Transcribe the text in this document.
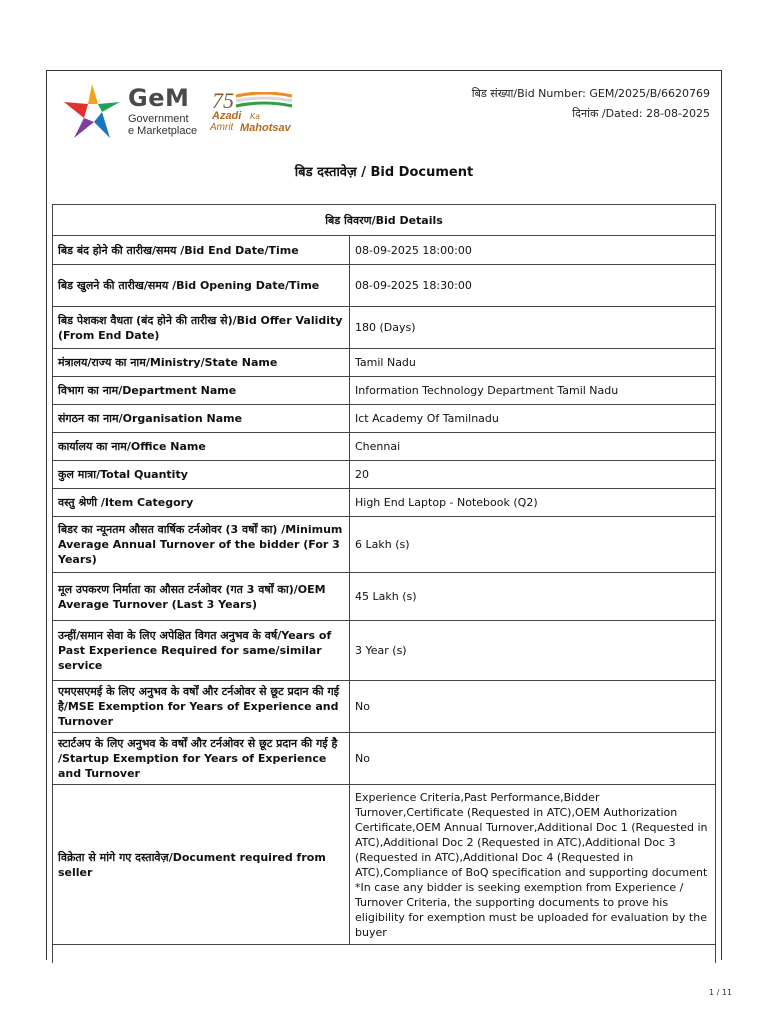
GeM
Government
e Marketplace
75
Azadi Ka
Amrit Mahotsav
बिड संख्या/Bid Number: GEM/2025/B/6620769
दिनांक /Dated: 28-08-2025
बिड दस्तावेज़ / Bid Document
बिड विवरण/Bid Details	
बिड बंद होने की तारीख/समय /Bid End Date/Time	08-09-2025 18:00:00
बिड खुलने की तारीख/समय /Bid Opening Date/Time	08-09-2025 18:30:00
बिड पेशकश वैधता (बंद होने की तारीख से)/Bid Offer Validity (From End Date)	180 (Days)
मंत्रालय/राज्य का नाम/Ministry/State Name	Tamil Nadu
विभाग का नाम/Department Name	Information Technology Department Tamil Nadu
संगठन का नाम/Organisation Name	Ict Academy Of Tamilnadu
कार्यालय का नाम/Office Name	Chennai
कुल मात्रा/Total Quantity	20
वस्तु श्रेणी /Item Category	High End Laptop - Notebook (Q2)
बिडर का न्यूनतम औसत वार्षिक टर्नओवर (3 वर्षों का) /Minimum Average Annual Turnover of the bidder (For 3 Years)	6 Lakh (s)
मूल उपकरण निर्माता का औसत टर्नओवर (गत 3 वर्षों का)/OEM Average Turnover (Last 3 Years)	45 Lakh (s)
उन्हीं/समान सेवा के लिए अपेक्षित विगत अनुभव के वर्ष/Years of Past Experience Required for same/similar service	3 Year (s)
एमएसएमई के लिए अनुभव के वर्षों और टर्नओवर से छूट प्रदान की गई है/MSE Exemption for Years of Experience and Turnover	No
स्टार्टअप के लिए अनुभव के वर्षों और टर्नओवर से छूट प्रदान की गई है /Startup Exemption for Years of Experience and Turnover	No
विक्रेता से मांगे गए दस्तावेज़/Document required from seller	Experience Criteria,Past Performance,Bidder Turnover,Certificate (Requested in ATC),OEM Authorization Certificate,OEM Annual Turnover,Additional Doc 1 (Requested in ATC),Additional Doc 2 (Requested in ATC),Additional Doc 3 (Requested in ATC),Additional Doc 4 (Requested in ATC),Compliance of BoQ specification and supporting document
*In case any bidder is seeking exemption from Experience / Turnover Criteria, the supporting documents to prove his eligibility for exemption must be uploaded for evaluation by the buyer

1 / 11
